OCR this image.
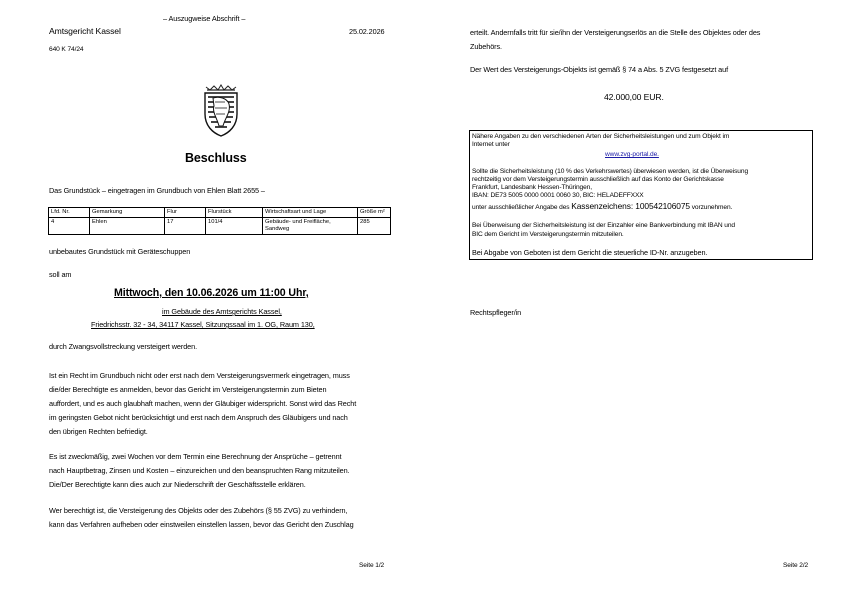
– Auszugweise Abschrift –
Amtsgericht Kassel	25.02.2026
640 K 74/24
Beschluss
Das Grundstück – eingetragen im Grundbuch von Ehlen Blatt 2655 –
Lfd. Nr.	Gemarkung	Flur	Flurstück	Wirtschaftsart und Lage	Größe m²
4	Ehlen	17	101/4	Gebäude- und Freifläche, Sandweg	285
unbebautes Grundstück mit Geräteschuppen
soll am
Mittwoch, den 10.06.2026 um 11:00 Uhr,
im Gebäude des Amtsgerichts Kassel,
Friedrichsstr. 32 - 34, 34117 Kassel, Sitzungssaal im 1. OG, Raum 130,
durch Zwangsvollstreckung versteigert werden.
Ist ein Recht im Grundbuch nicht oder erst nach dem Versteigerungsvermerk eingetragen, muss
die/der Berechtigte es anmelden, bevor das Gericht im Versteigerungstermin zum Bieten
auffordert, und es auch glaubhaft machen, wenn der Gläubiger widerspricht. Sonst wird das Recht
im geringsten Gebot nicht berücksichtigt und erst nach dem Anspruch des Gläubigers und nach
den übrigen Rechten befriedigt.
Es ist zweckmäßig, zwei Wochen vor dem Termin eine Berechnung der Ansprüche – getrennt
nach Hauptbetrag, Zinsen und Kosten – einzureichen und den beanspruchten Rang mitzuteilen.
Die/Der Berechtigte kann dies auch zur Niederschrift der Geschäftsstelle erklären.
Wer berechtigt ist, die Versteigerung des Objekts oder des Zubehörs (§ 55 ZVG) zu verhindern,
kann das Verfahren aufheben oder einstweilen einstellen lassen, bevor das Gericht den Zuschlag
Seite 1/2
erteilt. Andernfalls tritt für sie/ihn der Versteigerungserlös an die Stelle des Objektes oder des
Zubehörs.
Der Wert des Versteigerungs-Objekts ist gemäß § 74 a Abs. 5 ZVG festgesetzt auf
42.000,00 EUR.
Nähere Angaben zu den verschiedenen Arten der Sicherheitsleistungen und zum Objekt im
Internet unter
www.zvg-portal.de.
Sollte die Sicherheitsleistung (10 % des Verkehrswertes) überwiesen werden, ist die Überweisung
rechtzeitig vor dem Versteigerungstermin ausschließlich auf das Konto der Gerichtskasse
Frankfurt, Landesbank Hessen-Thüringen,
IBAN: DE73 5005 0000 0001 0060 30, BIC: HELADEFFXXX
unter ausschließlicher Angabe des Kassenzeichens: 100542106075 vorzunehmen.
Bei Überweisung der Sicherheitsleistung ist der Einzahler eine Bankverbindung mit IBAN und
BIC dem Gericht im Versteigerungstermin mitzuteilen.
Bei Abgabe von Geboten ist dem Gericht die steuerliche ID-Nr. anzugeben.
Rechtspfleger/in
Seite 2/2
